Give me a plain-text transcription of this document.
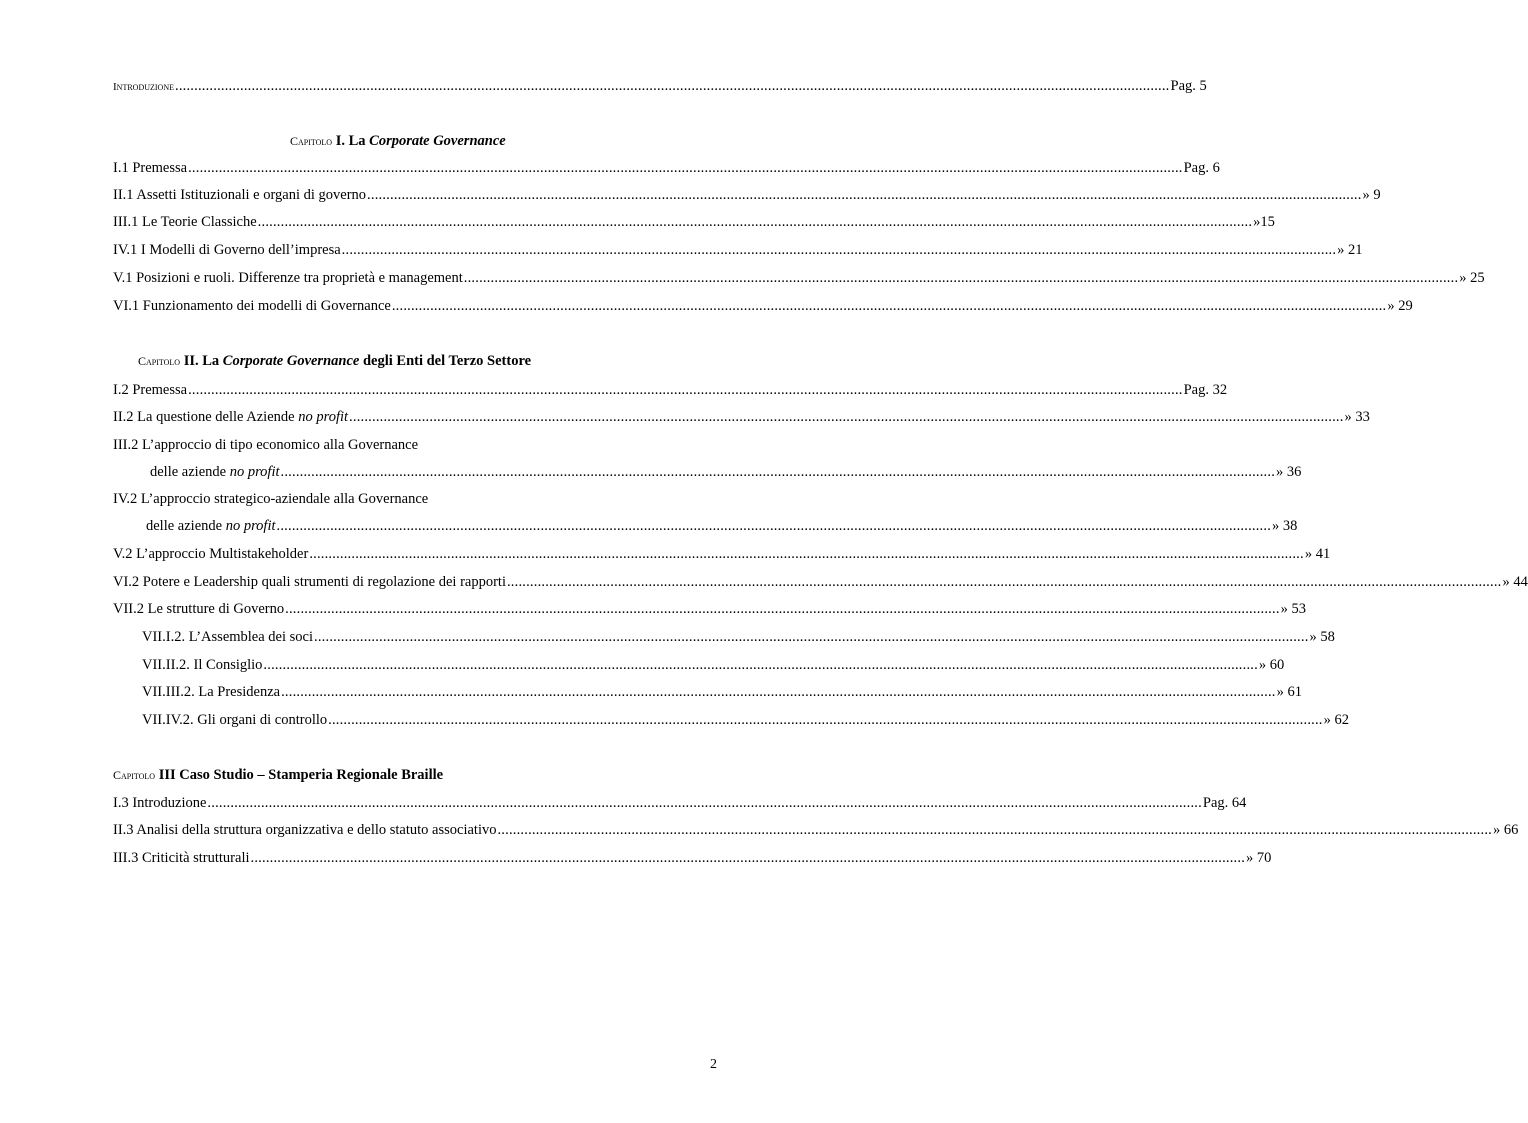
Introduzione .................................................................................................................................................................................................................................................................... Pag. 5
Capitolo I. La Corporate Governance
I.1 Premessa .................................................................................................................................................................................................................................................................... Pag. 6
II.1 Assetti Istituzionali e organi di governo .................................................................................................................................................................................................................................................................... » 9
III.1 Le Teorie Classiche .................................................................................................................................................................................................................................................................... »15
IV.1 I Modelli di Governo dell’impresa .................................................................................................................................................................................................................................................................... » 21
V.1 Posizioni e ruoli. Differenze tra proprietà e management .................................................................................................................................................................................................................................................................... » 25
VI.1 Funzionamento dei modelli di Governance .................................................................................................................................................................................................................................................................... » 29
Capitolo II. La Corporate Governance degli Enti del Terzo Settore
I.2 Premessa .................................................................................................................................................................................................................................................................... Pag. 32
II.2 La questione delle Aziende no profit .................................................................................................................................................................................................................................................................... » 33
III.2 L’approccio di tipo economico alla Governance
delle aziende no profit .................................................................................................................................................................................................................................................................... » 36
IV.2 L’approccio strategico-aziendale alla Governance
delle aziende no profit .................................................................................................................................................................................................................................................................... » 38
V.2 L’approccio Multistakeholder .................................................................................................................................................................................................................................................................... » 41
VI.2 Potere e Leadership quali strumenti di regolazione dei rapporti .................................................................................................................................................................................................................................................................... » 44
VII.2 Le strutture di Governo .................................................................................................................................................................................................................................................................... » 53
VII.I.2. L’Assemblea dei soci .................................................................................................................................................................................................................................................................... » 58
VII.II.2. Il Consiglio .................................................................................................................................................................................................................................................................... » 60
VII.III.2. La Presidenza .................................................................................................................................................................................................................................................................... » 61
VII.IV.2. Gli organi di controllo .................................................................................................................................................................................................................................................................... » 62
Capitolo III Caso Studio – Stamperia Regionale Braille
I.3 Introduzione .................................................................................................................................................................................................................................................................... Pag. 64
II.3 Analisi della struttura organizzativa e dello statuto associativo .................................................................................................................................................................................................................................................................... » 66
III.3 Criticità strutturali .................................................................................................................................................................................................................................................................... » 70
2
